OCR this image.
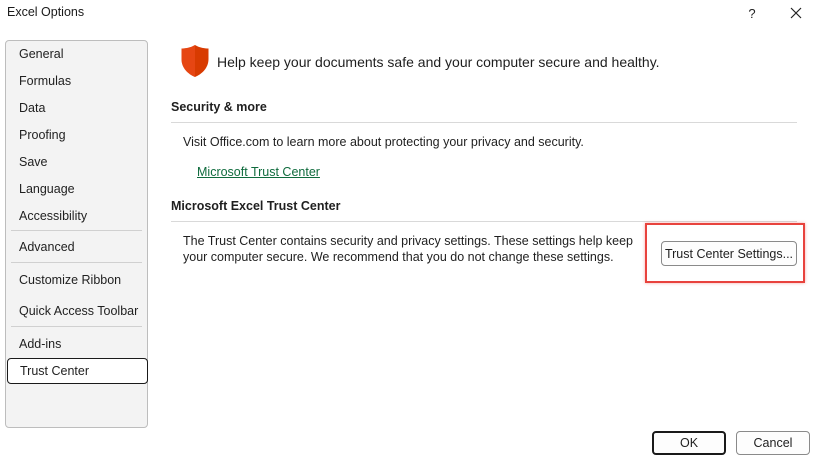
Excel Options	?
General
Formulas
Data
Proofing
Save
Language
Accessibility
Advanced
Customize Ribbon
Quick Access Toolbar
Add-ins
Trust Center
Help keep your documents safe and your computer secure and healthy.
Security & more
Visit Office.com to learn more about protecting your privacy and security.
Microsoft Trust Center
Microsoft Excel Trust Center
The Trust Center contains security and privacy settings. These settings help keep your computer secure. We recommend that you do not change these settings.	Trust Center Settings...
OK	Cancel
